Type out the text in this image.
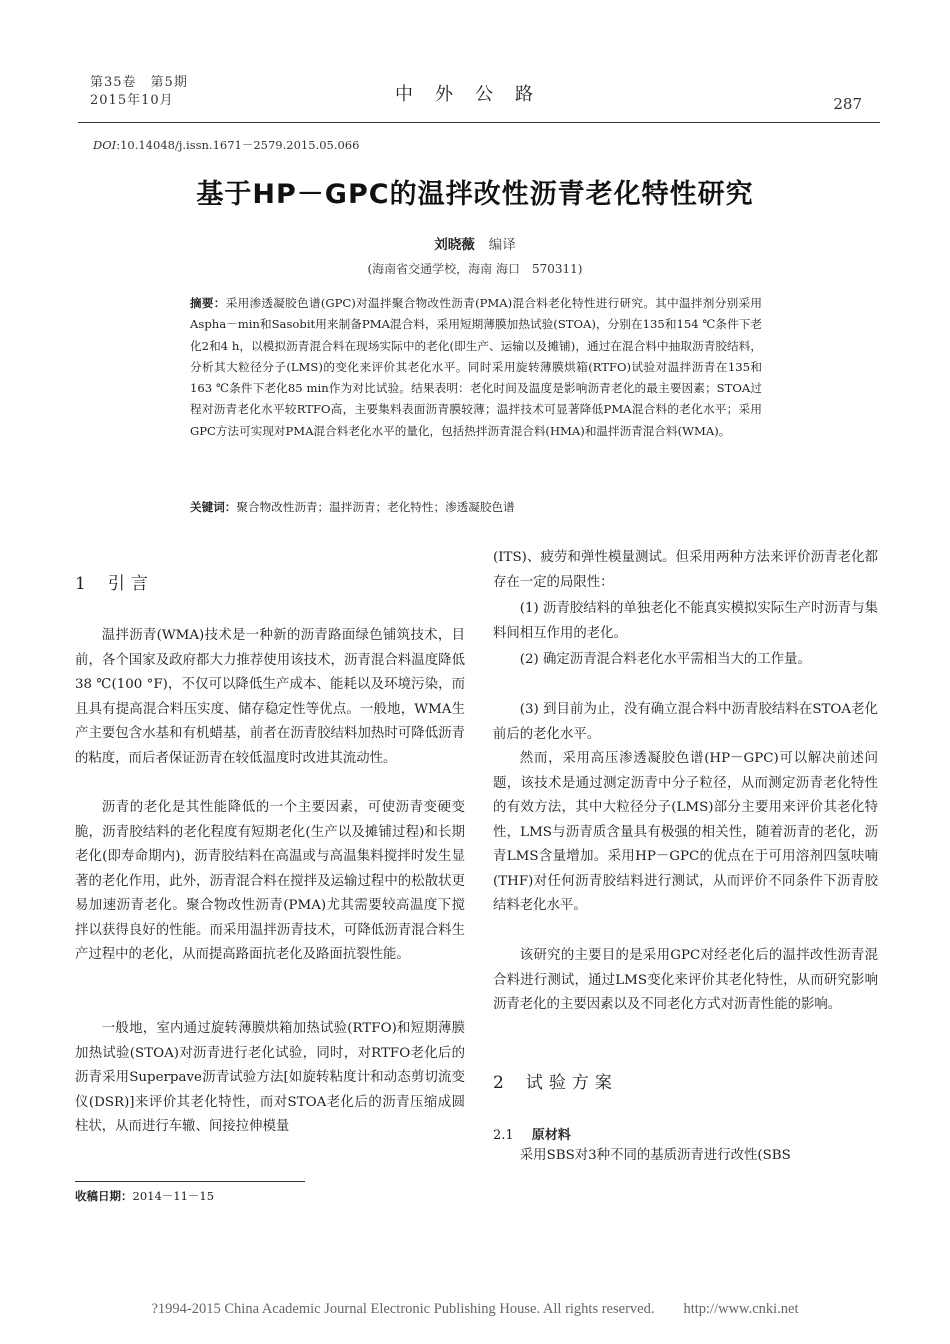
第35卷　第5期
2015年10月	中外公路	287
DOI:10.14048/j.issn.1671－2579.2015.05.066
基于HP－GPC的温拌改性沥青老化特性研究
刘晓薇 编译
(海南省交通学校，海南 海口　570311)
摘要：采用渗透凝胶色谱(GPC)对温拌聚合物改性沥青(PMA)混合料老化特性进行研究。其中温拌剂分别采用Aspha－min和Sasobit用来制备PMA混合料，采用短期薄膜加热试验(STOA)，分别在135和154 ℃条件下老化2和4 h，以模拟沥青混合料在现场实际中的老化(即生产、运输以及摊铺)，通过在混合料中抽取沥青胶结料，分析其大粒径分子(LMS)的变化来评价其老化水平。同时采用旋转薄膜烘箱(RTFO)试验对温拌沥青在135和163 ℃条件下老化85 min作为对比试验。结果表明：老化时间及温度是影响沥青老化的最主要因素；STOA过程对沥青老化水平较RTFO高，主要集料表面沥青膜较薄；温拌技术可显著降低PMA混合料的老化水平；采用GPC方法可实现对PMA混合料老化水平的量化，包括热拌沥青混合料(HMA)和温拌沥青混合料(WMA)。
关键词：聚合物改性沥青；温拌沥青；老化特性；渗透凝胶色谱
1 引言

温拌沥青(WMA)技术是一种新的沥青路面绿色铺筑技术，目前，各个国家及政府都大力推荐使用该技术，沥青混合料温度降低38 ℃(100 °F)，不仅可以降低生产成本、能耗以及环境污染，而且具有提高混合料压实度、储存稳定性等优点。一般地，WMA生产主要包含水基和有机蜡基，前者在沥青胶结料加热时可降低沥青的粘度，而后者保证沥青在较低温度时改进其流动性。

沥青的老化是其性能降低的一个主要因素，可使沥青变硬变脆，沥青胶结料的老化程度有短期老化(生产以及摊铺过程)和长期老化(即寿命期内)，沥青胶结料在高温或与高温集料搅拌时发生显著的老化作用，此外，沥青混合料在搅拌及运输过程中的松散状更易加速沥青老化。聚合物改性沥青(PMA)尤其需要较高温度下搅拌以获得良好的性能。而采用温拌沥青技术，可降低沥青混合料生产过程中的老化，从而提高路面抗老化及路面抗裂性能。

一般地，室内通过旋转薄膜烘箱加热试验(RTFO)和短期薄膜加热试验(STOA)对沥青进行老化试验，同时，对RTFO老化后的沥青采用Superpave沥青试验方法[如旋转粘度计和动态剪切流变仪(DSR)]来评价其老化特性，而对STOA老化后的沥青压缩成圆柱状，从而进行车辙、间接拉伸模量

(ITS)、疲劳和弹性模量测试。但采用两种方法来评价沥青老化都存在一定的局限性：

(1) 沥青胶结料的单独老化不能真实模拟实际生产时沥青与集料间相互作用的老化。

(2) 确定沥青混合料老化水平需相当大的工作量。

(3) 到目前为止，没有确立混合料中沥青胶结料在STOA老化前后的老化水平。

然而，采用高压渗透凝胶色谱(HP－GPC)可以解决前述问题，该技术是通过测定沥青中分子粒径，从而测定沥青老化特性的有效方法，其中大粒径分子(LMS)部分主要用来评价其老化特性，LMS与沥青质含量具有极强的相关性，随着沥青的老化，沥青LMS含量增加。采用HP－GPC的优点在于可用溶剂四氢呋喃(THF)对任何沥青胶结料进行测试，从而评价不同条件下沥青胶结料老化水平。

该研究的主要目的是采用GPC对经老化后的温拌改性沥青混合料进行测试，通过LMS变化来评价其老化特性，从而研究影响沥青老化的主要因素以及不同老化方式对沥青性能的影响。

2 试验方案
2.1 原材料

采用SBS对3种不同的基质沥青进行改性(SBS

收稿日期：2014－11－15
?1994-2015 China Academic Journal Electronic Publishing House. All rights reserved.　　http://www.cnki.net
